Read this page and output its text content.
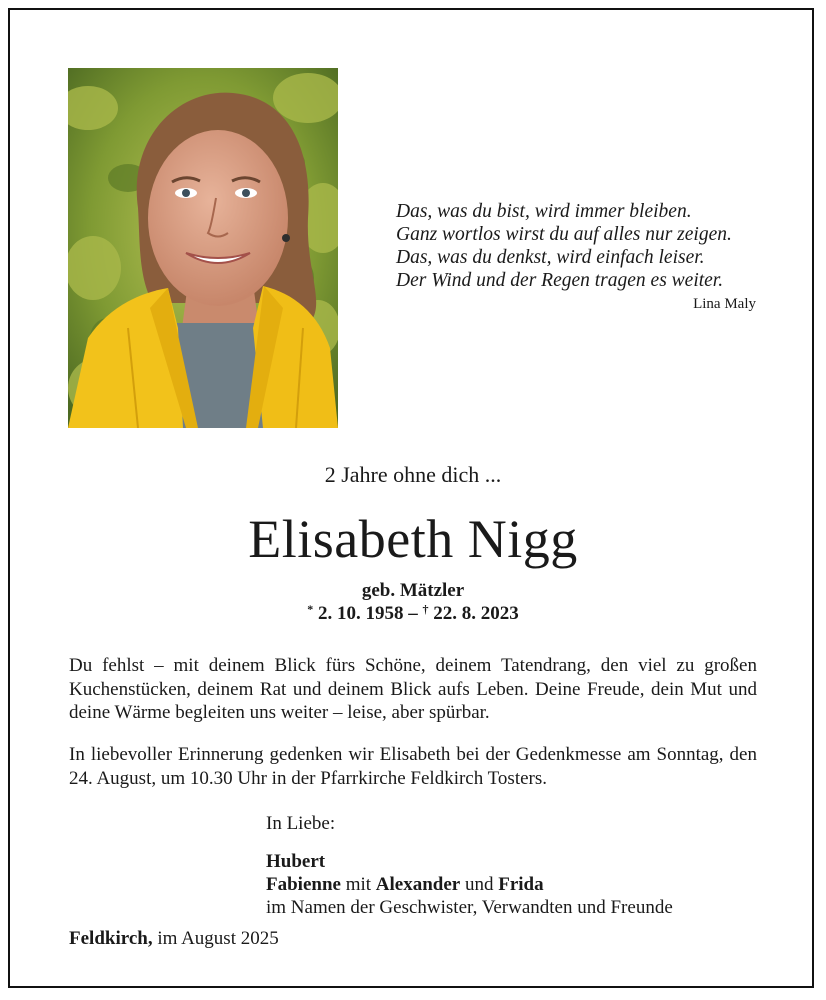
Das, was du bist, wird immer bleiben.
Ganz wortlos wirst du auf alles nur zeigen.
Das, was du denkst, wird einfach leiser.
Der Wind und der Regen tragen es weiter.
Lina Maly
2 Jahre ohne dich ...
Elisabeth Nigg
geb. Mätzler
* 2. 10. 1958 – † 22. 8. 2023
Du fehlst – mit deinem Blick fürs Schöne, deinem Tatendrang, den viel zu großen Kuchenstücken, deinem Rat und deinem Blick aufs Leben. Deine Freude, dein Mut und deine Wärme begleiten uns weiter – leise, aber spürbar.
In liebevoller Erinnerung gedenken wir Elisabeth bei der Gedenkmesse am Sonntag, den 24. August, um 10.30 Uhr in der Pfarrkirche Feldkirch Tosters.
In Liebe:
Hubert
Fabienne mit Alexander und Frida
im Namen der Geschwister, Verwandten und Freunde
Feldkirch, im August 2025
